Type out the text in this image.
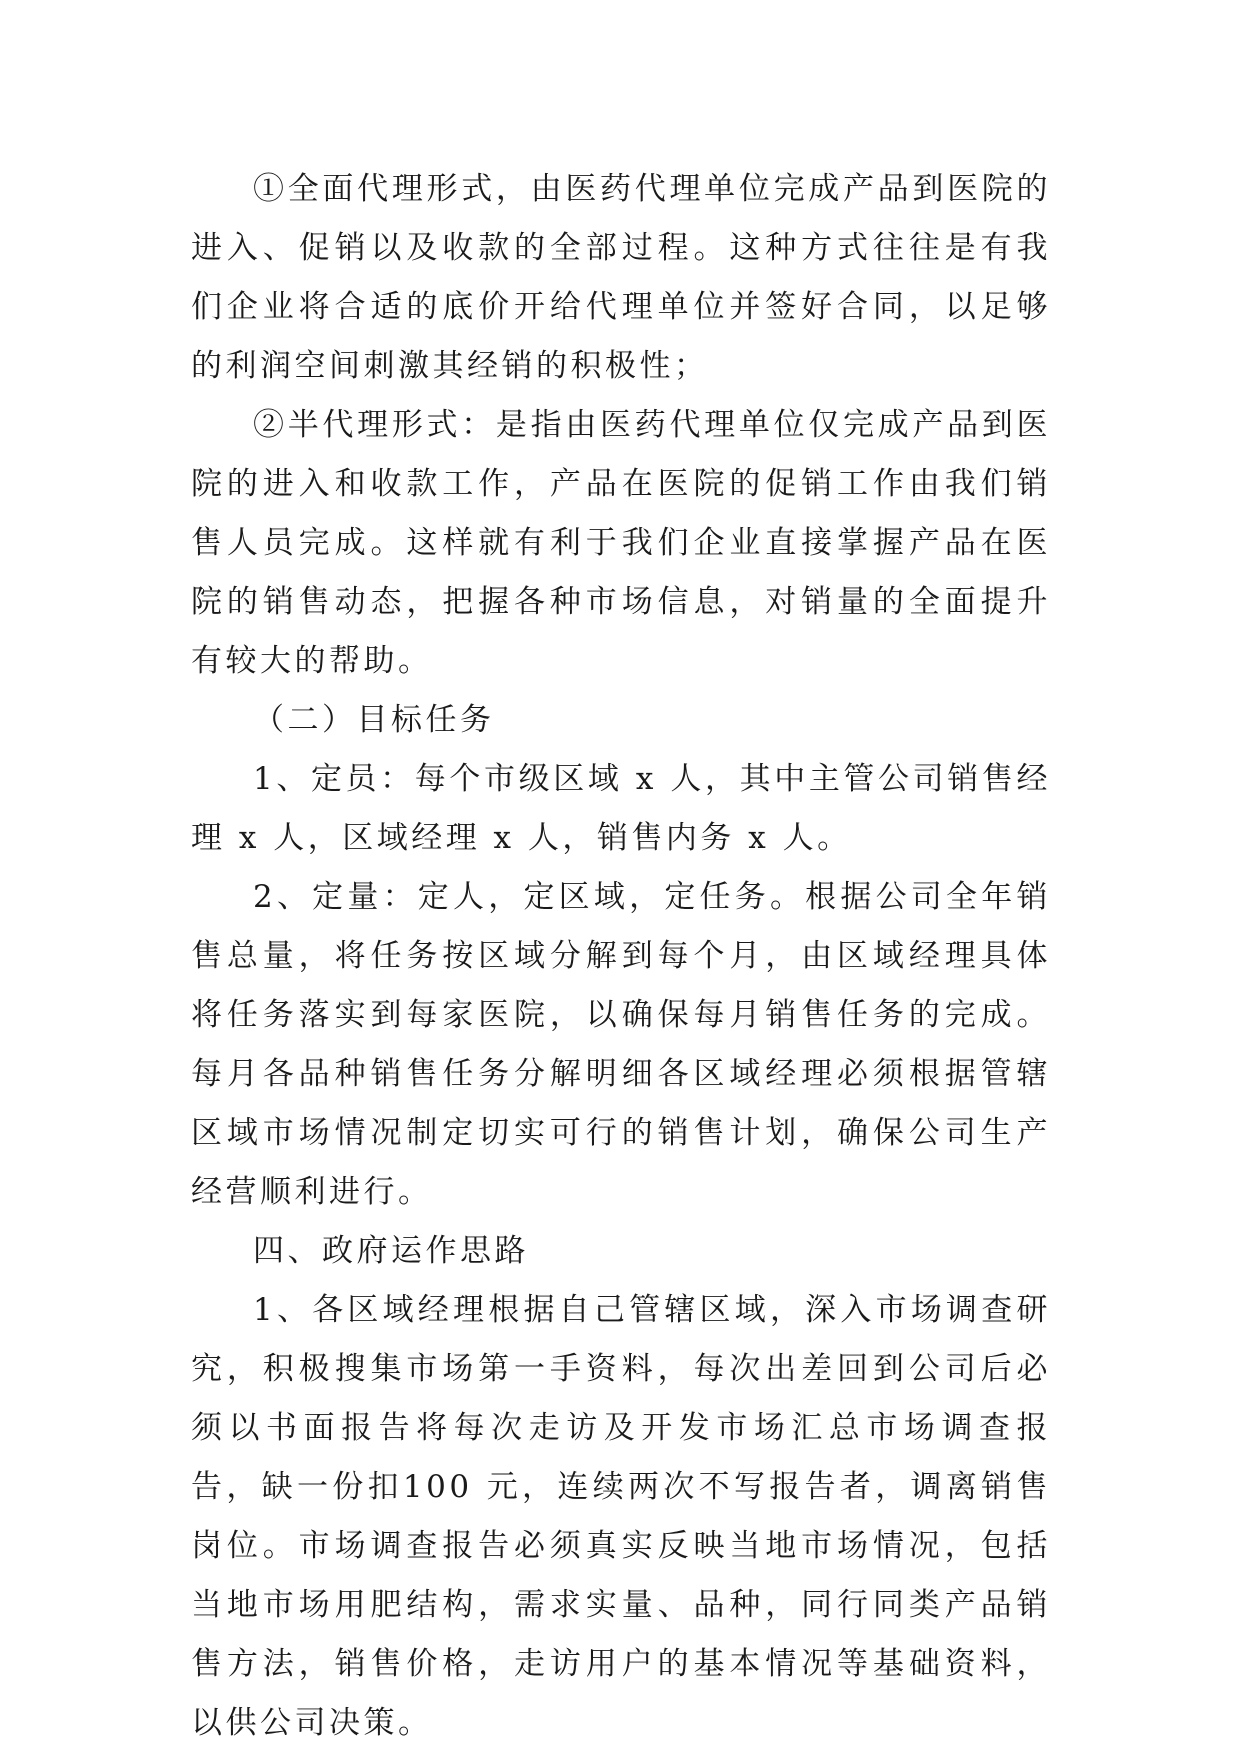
①全面代理形式，由医药代理单位完成产品到医院的进入、促销以及收款的全部过程。这种方式往往是有我们企业将合适的底价开给代理单位并签好合同，以足够的利润空间刺激其经销的积极性；

②半代理形式：是指由医药代理单位仅完成产品到医院的进入和收款工作，产品在医院的促销工作由我们销售人员完成。这样就有利于我们企业直接掌握产品在医院的销售动态，把握各种市场信息，对销量的全面提升有较大的帮助。

（二）目标任务

1、定员：每个市级区域 x 人，其中主管公司销售经理 x 人，区域经理 x 人，销售内务 x 人。

2、定量：定人，定区域，定任务。根据公司全年销售总量，将任务按区域分解到每个月，由区域经理具体将任务落实到每家医院，以确保每月销售任务的完成。每月各品种销售任务分解明细各区域经理必须根据管辖区域市场情况制定切实可行的销售计划，确保公司生产经营顺利进行。

四、政府运作思路

1、各区域经理根据自己管辖区域，深入市场调查研究，积极搜集市场第一手资料，每次出差回到公司后必须以书面报告将每次走访及开发市场汇总市场调查报告，缺一份扣100 元，连续两次不写报告者，调离销售岗位。市场调查报告必须真实反映当地市场情况，包括当地市场用肥结构，需求实量、品种，同行同类产品销售方法，销售价格，走访用户的基本情况等基础资料，以供公司决策。
